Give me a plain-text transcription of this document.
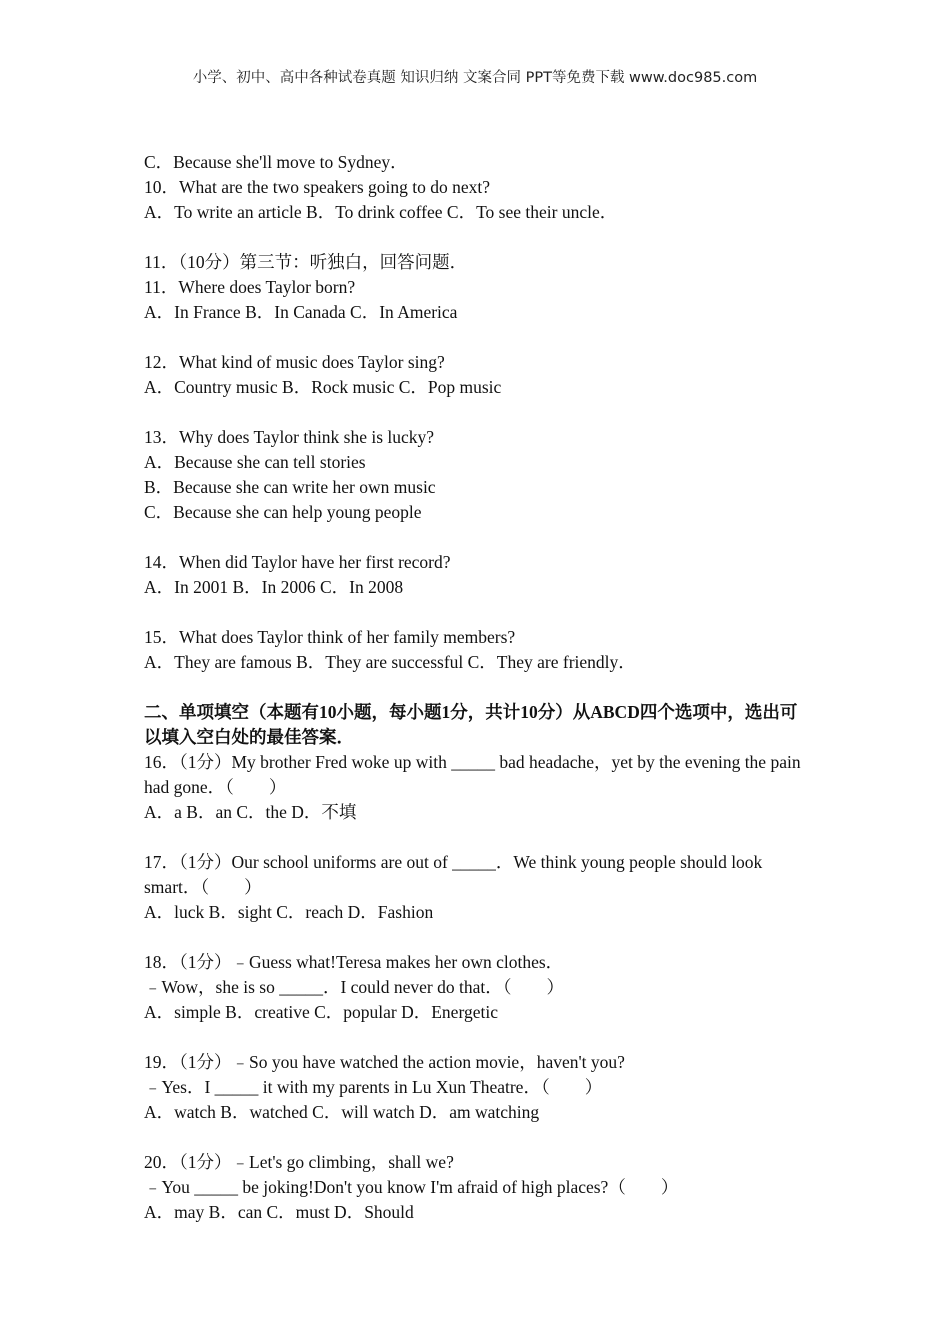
小学、初中、高中各种试卷真题 知识归纳 文案合同 PPT等免费下载 www.doc985.com
C．Because she'll move to Sydney．
10．What are the two speakers going to do next?
A．To write an article B．To drink coffee C．To see their uncle．
11．（10分）第三节：听独白，回答问题．
11．Where does Taylor born?
A．In France B．In Canada C．In America
12．What kind of music does Taylor sing?
A．Country music B．Rock music C．Pop music
13．Why does Taylor think she is lucky?
A．Because she can tell stories
B．Because she can write her own music
C．Because she can help young people
14．When did Taylor have her first record?
A．In 2001 B．In 2006 C．In 2008
15．What does Taylor think of her family members?
A．They are famous B．They are successful C．They are friendly．
二、单项填空（本题有10小题，每小题1分，共计10分）从ABCD四个选项中，选出可以填入空白处的最佳答案．
16．（1分）My brother Fred woke up with _____ bad headache，yet by the evening the pain had gone．（　　）
A．a B．an C．the D．不填
17．（1分）Our school uniforms are out of _____．We think young people should look smart．（　　）
A．luck B．sight C．reach D．Fashion
18．（1分）﹣Guess what!Teresa makes her own clothes．
﹣Wow，she is so _____．I could never do that．（　　）
A．simple B．creative C．popular D．Energetic
19．（1分）﹣So you have watched the action movie，haven't you?
﹣Yes．I _____ it with my parents in Lu Xun Theatre．（　　）
A．watch B．watched C．will watch D．am watching
20．（1分）﹣Let's go climbing，shall we?
﹣You _____ be joking!Don't you know I'm afraid of high places?（　　）
A．may B．can C．must D．Should
